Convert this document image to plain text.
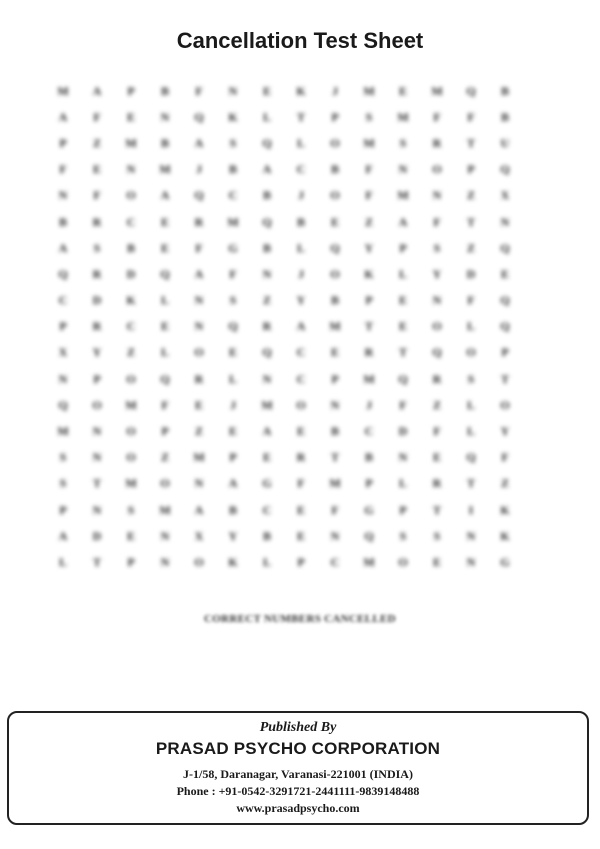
Cancellation Test Sheet
M	A	P	B	F	N	E	K	J	M	E	M	Q	B
A	F	E	N	Q	K	L	T	P	S	M	F	F	B
P	Z	M	B	A	S	Q	L	O	M	S	R	T	U
F	E	N	M	J	B	A	C	B	F	N	O	P	Q
N	F	O	A	Q	C	B	J	O	F	M	N	Z	X
B	R	C	E	R	M	Q	B	E	Z	A	F	T	N
A	S	B	E	F	G	B	L	Q	Y	P	S	Z	Q
Q	R	D	Q	A	F	N	J	O	K	L	Y	D	E
C	D	K	L	N	S	Z	Y	B	P	E	N	F	Q
P	R	C	E	N	Q	R	A	M	T	E	O	L	Q
X	Y	Z	L	O	E	Q	C	E	R	T	Q	O	P
N	P	O	Q	R	L	N	C	P	M	Q	R	S	T
Q	O	M	F	E	J	M	O	N	J	F	Z	L	O
M	N	O	P	Z	E	A	E	B	C	D	F	L	Y
S	N	O	Z	M	P	E	R	T	B	N	E	Q	F
S	T	M	O	N	A	G	F	M	P	L	R	T	Z
P	N	S	M	A	B	C	E	F	G	P	T	I	K
A	D	E	N	X	Y	B	E	N	Q	S	S	N	K
L	T	P	N	O	K	L	P	C	M	O	E	N	G
CORRECT NUMBERS CANCELLED
Published By
PRASAD PSYCHO CORPORATION
J-1/58, Daranagar, Varanasi-221001 (INDIA)
Phone : +91-0542-3291721-2441111-9839148488
www.prasadpsycho.com
